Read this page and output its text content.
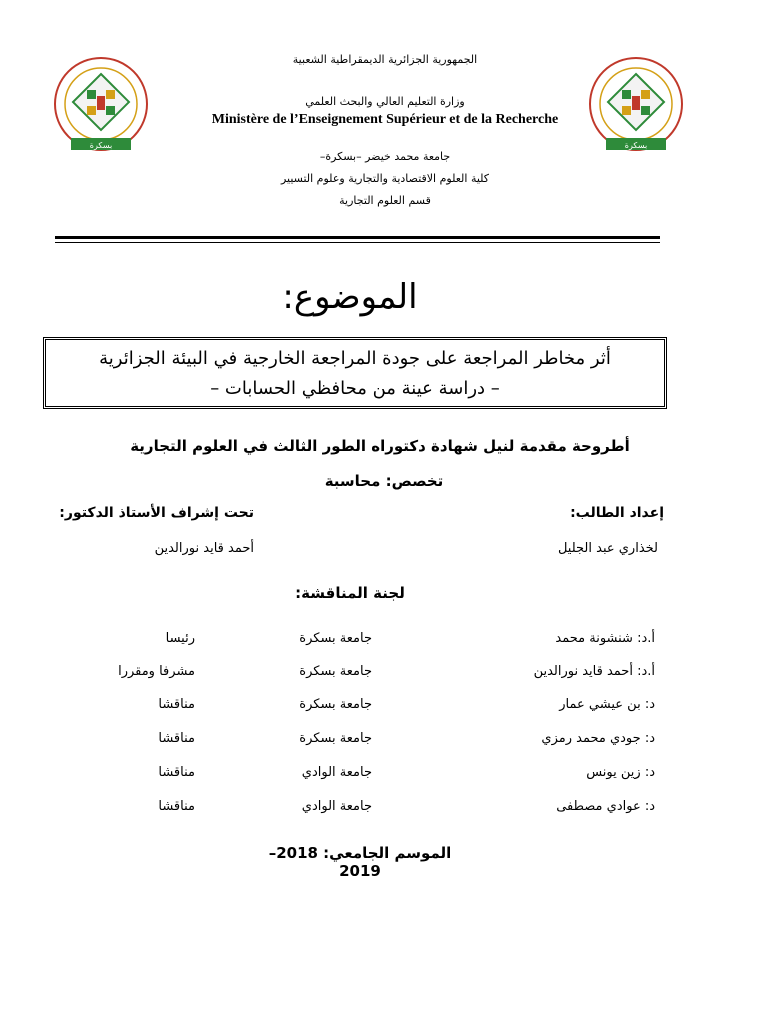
بسكرة	بسكرة
الجمهورية الجزائرية الديمقراطية الشعبية
وزارة التعليم العالي والبحث العلمي
Ministère de l’Enseignement Supérieur et de la Recherche
جامعة محمد خيضر –بسكرة–
كلية العلوم الاقتصادية والتجارية وعلوم التسيير
قسم العلوم التجارية
الموضوع:
أثر مخاطر المراجعة على جودة المراجعة الخارجية في البيئة الجزائرية
– دراسة عينة من محافظي الحسابات –
أطروحة مقدمة لنيل شهادة دكتوراه الطور الثالث في العلوم التجارية
تخصص: محاسبة
إعداد الطالب:
تحت إشراف الأستاذ الدكتور:
لخذاري عبد الجليل
أحمد قايد نورالدين
لجنة المناقشة:
أ.د: شنشونة محمد
جامعة بسكرة
رئيسا
أ.د: أحمد قايد نورالدين
جامعة بسكرة
مشرفا ومقررا
د: بن عيشي عمار
جامعة بسكرة
مناقشا
د: جودي محمد رمزي
جامعة بسكرة
مناقشا
د: زين يونس
جامعة الوادي
مناقشا
د: عوادي مصطفى
جامعة الوادي
مناقشا
الموسم الجامعي: 2018–2019
